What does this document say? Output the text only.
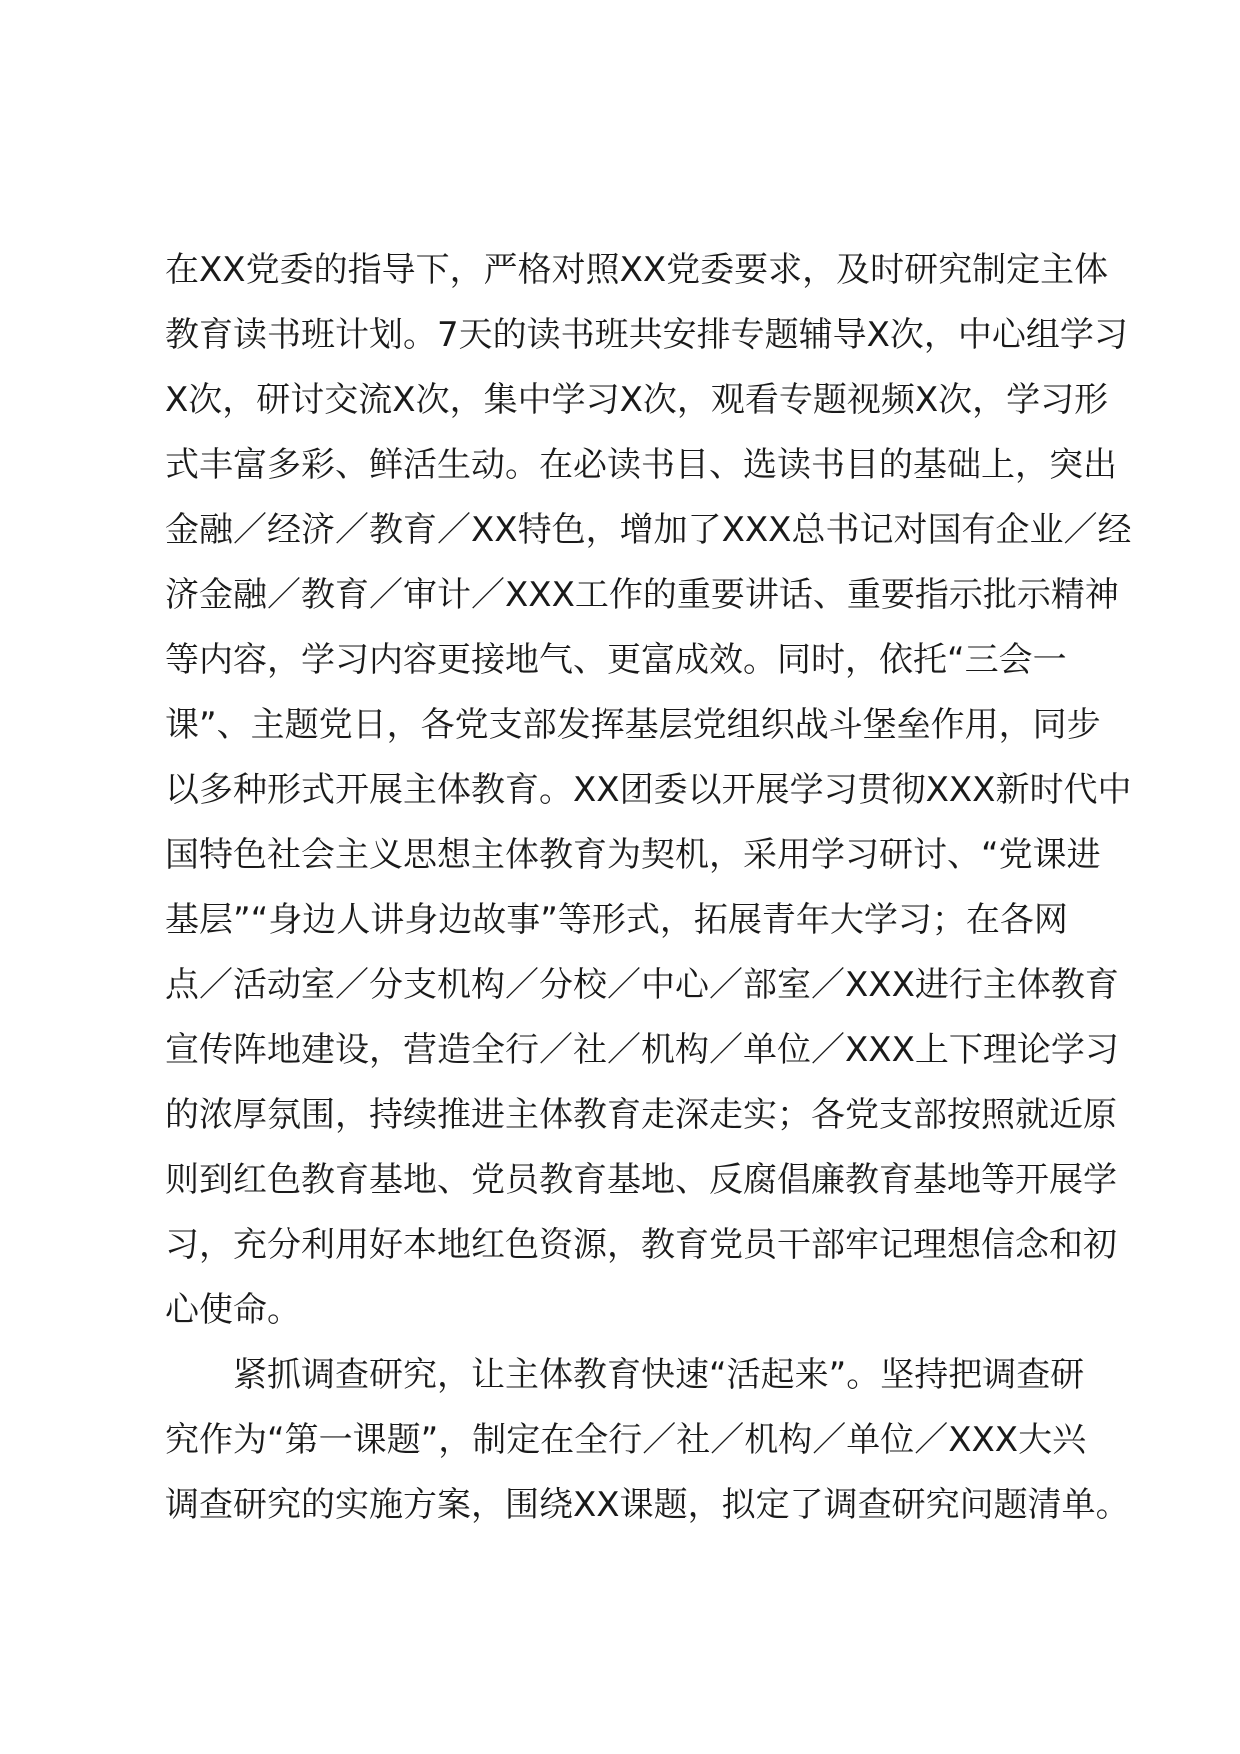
在XX党委的指导下，严格对照XX党委要求，及时研究制定主体
教育读书班计划。7天的读书班共安排专题辅导X次，中心组学习
X次，研讨交流X次，集中学习X次，观看专题视频X次，学习形
式丰富多彩、鲜活生动。在必读书目、选读书目的基础上，突出
金融／经济／教育／XX特色，增加了XXX总书记对国有企业／经
济金融／教育／审计／XXX工作的重要讲话、重要指示批示精神
等内容，学习内容更接地气、更富成效。同时，依托“三会一
课”、主题党日，各党支部发挥基层党组织战斗堡垒作用，同步
以多种形式开展主体教育。XX团委以开展学习贯彻XXX新时代中
国特色社会主义思想主体教育为契机，采用学习研讨、“党课进
基层”“身边人讲身边故事”等形式，拓展青年大学习；在各网
点／活动室／分支机构／分校／中心／部室／XXX进行主体教育
宣传阵地建设，营造全行／社／机构／单位／XXX上下理论学习
的浓厚氛围，持续推进主体教育走深走实；各党支部按照就近原
则到红色教育基地、党员教育基地、反腐倡廉教育基地等开展学
习，充分利用好本地红色资源，教育党员干部牢记理想信念和初
心使命。
紧抓调查研究，让主体教育快速“活起来”。坚持把调查研
究作为“第一课题”，制定在全行／社／机构／单位／XXX大兴
调查研究的实施方案，围绕XX课题，拟定了调查研究问题清单。
